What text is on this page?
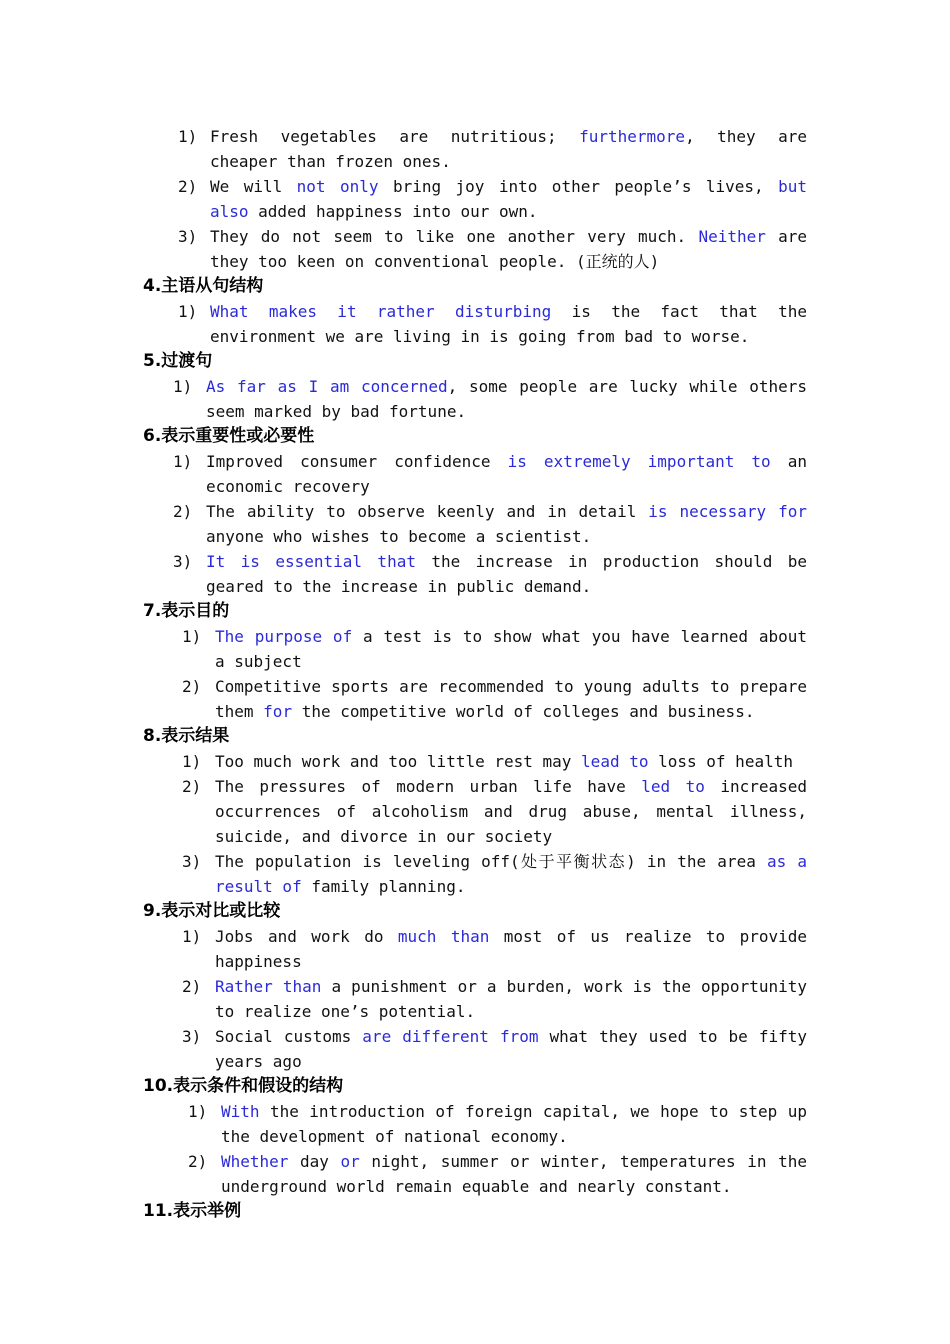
1) Fresh vegetables are nutritious; furthermore, they are cheaper than frozen ones.
2) We will not only bring joy into other people’s lives, but also added happiness into our own.
3) They do not seem to like one another very much. Neither are they too keen on conventional people. (正统的人)
4.主语从句结构
1) What makes it rather disturbing is the fact that the environment we are living in is going from bad to worse.
5.过渡句
1) As far as I am concerned, some people are lucky while others seem marked by bad fortune.
6.表示重要性或必要性
1) Improved consumer confidence is extremely important to an economic recovery
2) The ability to observe keenly and in detail is necessary for anyone who wishes to become a scientist.
3) It is essential that the increase in production should be geared to the increase in public demand.
7.表示目的
1) The purpose of a test is to show what you have learned about a subject
2) Competitive sports are recommended to young adults to prepare them for the competitive world of colleges and business.
8.表示结果
1) Too much work and too little rest may lead to loss of health
2) The pressures of modern urban life have led to increased occurrences of alcoholism and drug abuse, mental illness, suicide, and divorce in our society
3) The population is leveling off(处于平衡状态) in the area as a result of family planning.
9.表示对比或比较
1) Jobs and work do much than most of us realize to provide happiness
2) Rather than a punishment or a burden, work is the opportunity to realize one’s potential.
3) Social customs are different from what they used to be fifty years ago
10.表示条件和假设的结构
1) With the introduction of foreign capital, we hope to step up the development of national economy.
2) Whether day or night, summer or winter, temperatures in the underground world remain equable and nearly constant.
11.表示举例
